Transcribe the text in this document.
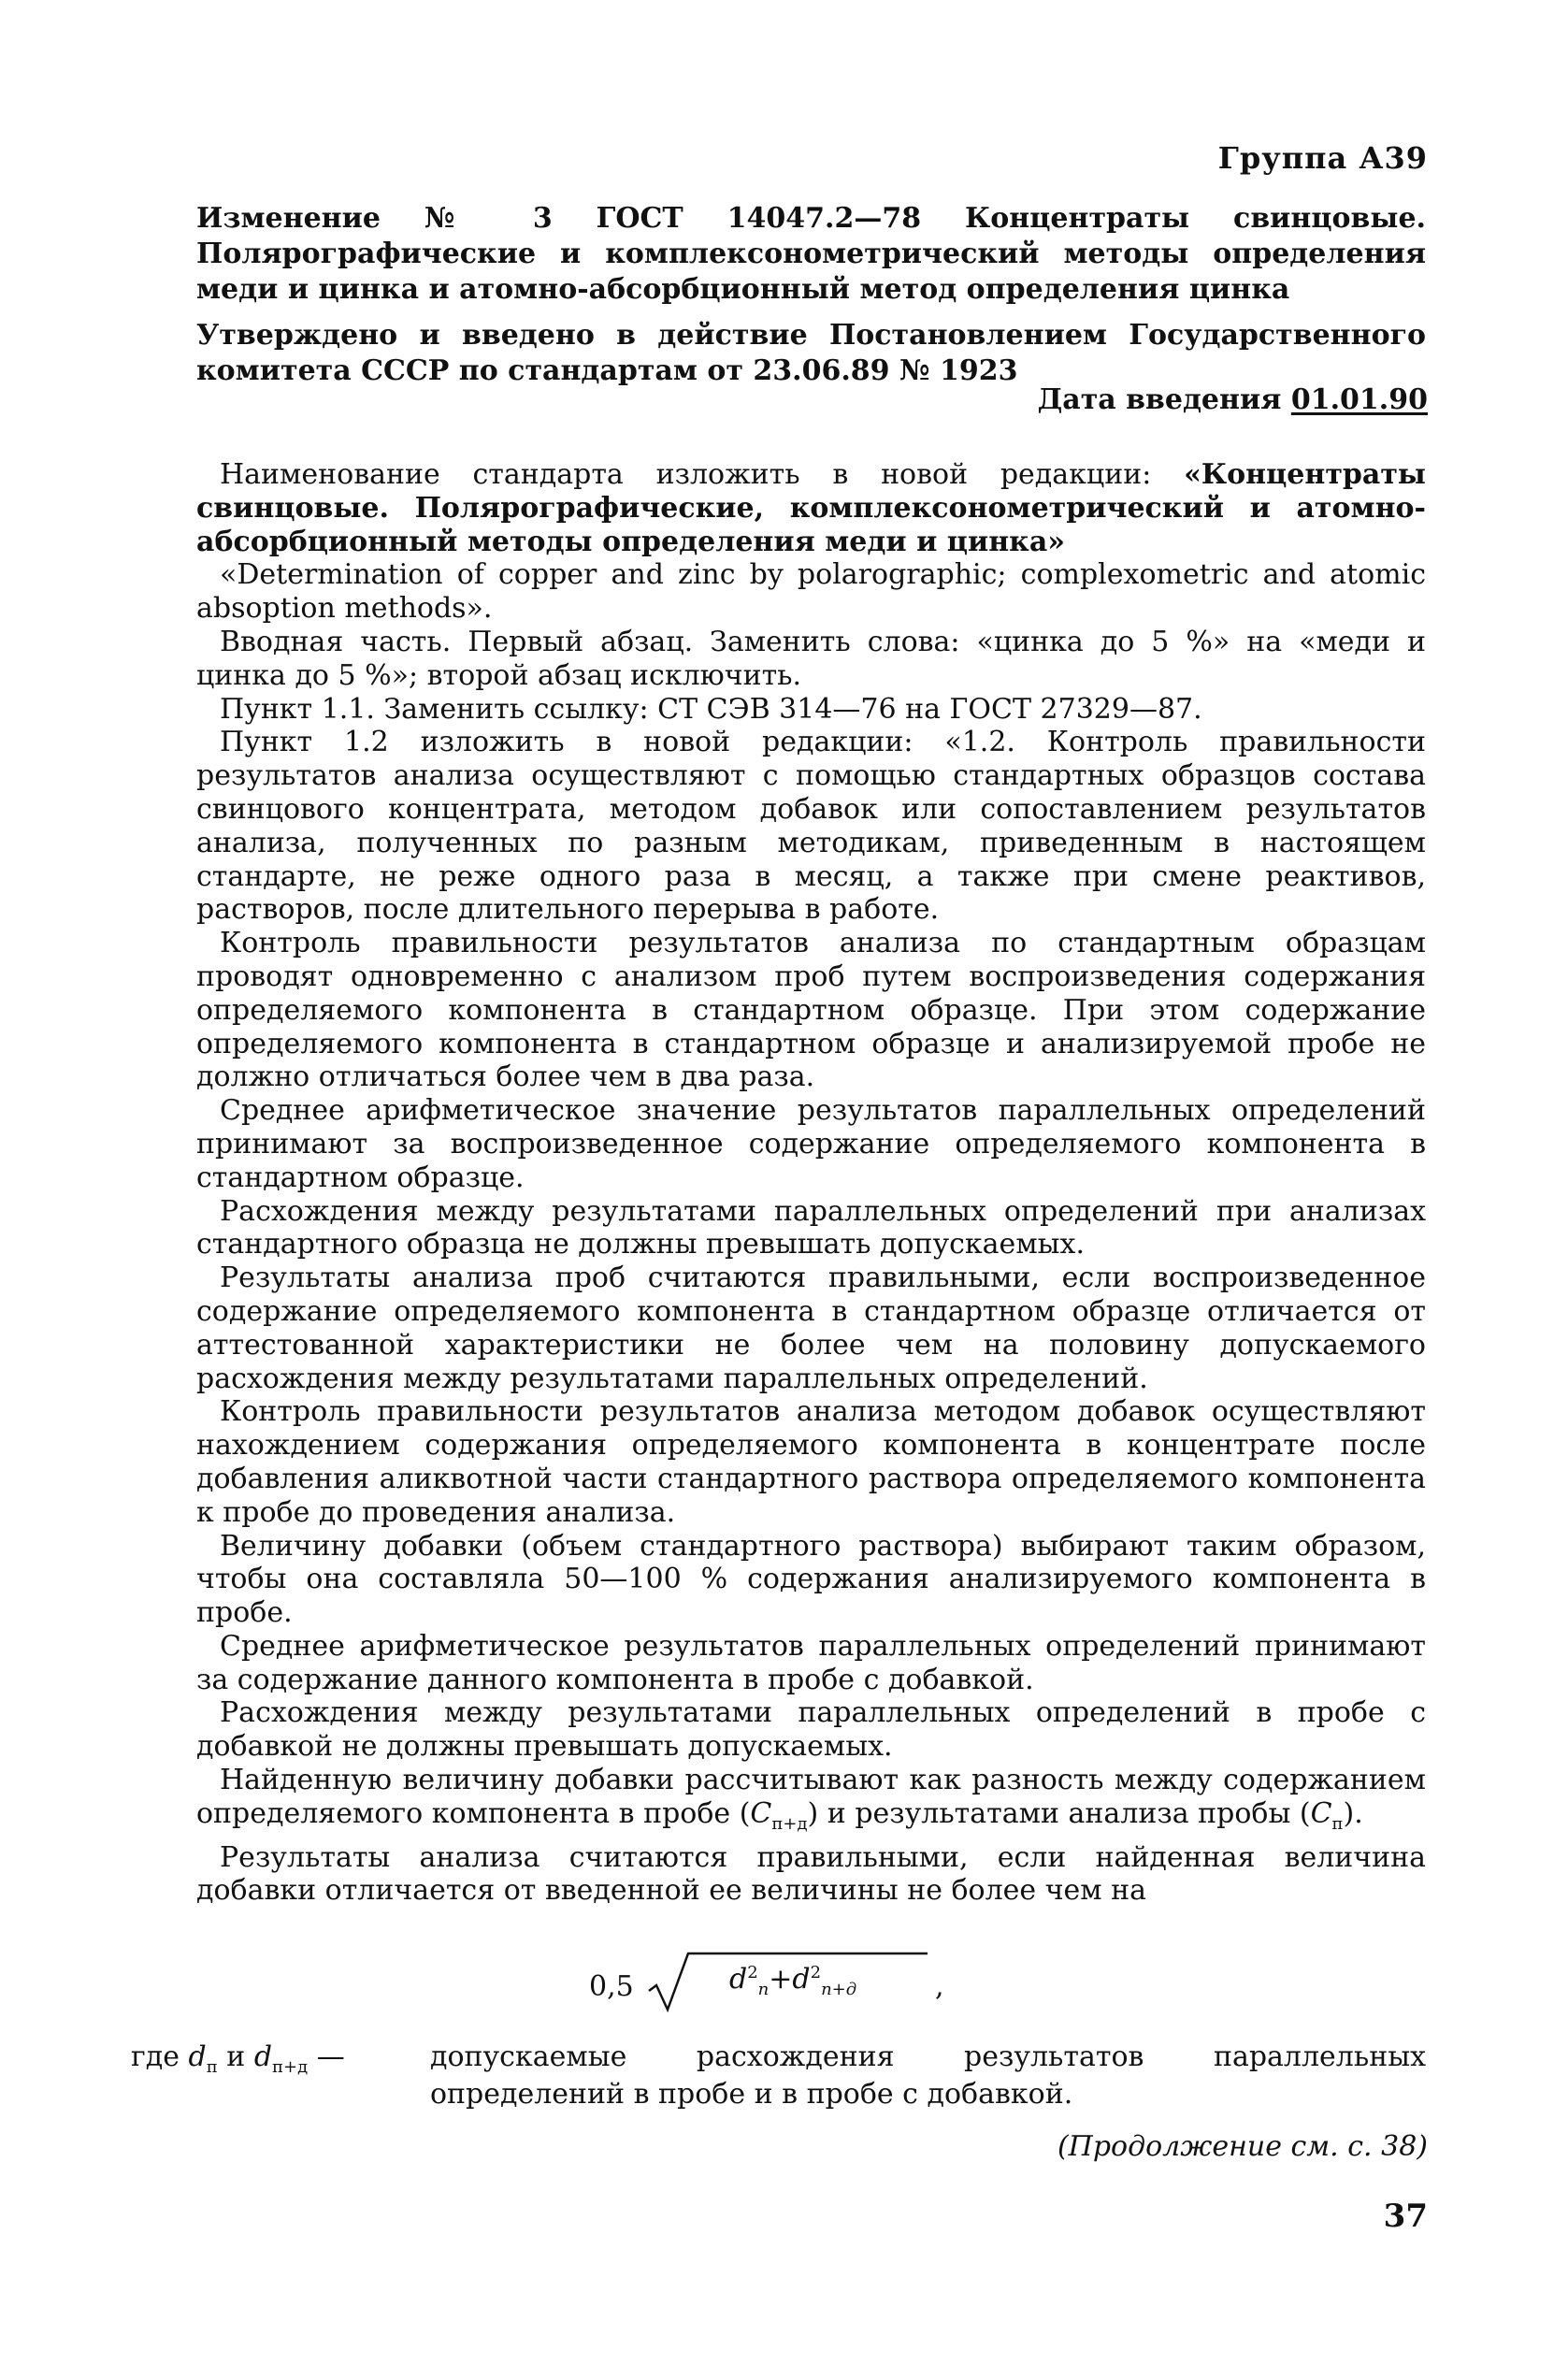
Группа А39
Изменение № 3 ГОСТ 14047.2—78 Концентраты свинцовые. Полярографические и комплексонометрический методы определения меди и цинка и атомно-абсорбционный метод определения цинка
Утверждено и введено в действие Постановлением Государственного комитета СССР по стандартам от 23.06.89 № 1923
Дата введения 01.01.90

Наименование стандарта изложить в новой редакции: «Концентраты свинцовые. Полярографические, комплексонометрический и атомно-абсорбционный методы определения меди и цинка»

«Determination of copper and zinc by polarographic; complexometric and atomic absoption methods».

Вводная часть. Первый абзац. Заменить слова: «цинка до 5 %» на «меди и цинка до 5 %»; второй абзац исключить.

Пункт 1.1. Заменить ссылку: СТ СЭВ 314—76 на ГОСТ 27329—87.

Пункт 1.2 изложить в новой редакции: «1.2. Контроль правильности результатов анализа осуществляют с помощью стандартных образцов состава свинцового концентрата, методом добавок или сопоставлением результатов анализа, полученных по разным методикам, приведенным в настоящем стандарте, не реже одного раза в месяц, а также при смене реактивов, растворов, после длительного перерыва в работе.

Контроль правильности результатов анализа по стандартным образцам проводят одновременно с анализом проб путем воспроизведения содержания определяемого компонента в стандартном образце. При этом содержание определяемого компонента в стандартном образце и анализируемой пробе не должно отличаться более чем в два раза.

Среднее арифметическое значение результатов параллельных определений принимают за воспроизведенное содержание определяемого компонента в стандартном образце.

Расхождения между результатами параллельных определений при анализах стандартного образца не должны превышать допускаемых.

Результаты анализа проб считаются правильными, если воспроизведенное содержание определяемого компонента в стандартном образце отличается от аттестованной характеристики не более чем на половину допускаемого расхождения между результатами параллельных определений.

Контроль правильности результатов анализа методом добавок осуществляют нахождением содержания определяемого компонента в концентрате после добавления аликвотной части стандартного раствора определяемого компонента к пробе до проведения анализа.

Величину добавки (объем стандартного раствора) выбирают таким образом, чтобы она составляла 50—100 % содержания анализируемого компонента в пробе.

Среднее арифметическое результатов параллельных определений принимают за содержание данного компонента в пробе с добавкой.

Расхождения между результатами параллельных определений в пробе с добавкой не должны превышать допускаемых.

Найденную величину добавки рассчитывают как разность между содержанием определяемого компонента в пробе $(C_{п+д})$ и результатами анализа пробы $(C_п)$.

Результаты анализа считаются правильными, если найденная величина добавки отличается от введенной ее величины не более чем на

0,5	$d^2_п+d^2_{п+д}$	,
где $d_п$ и $d_{п+д}$ —	допускаемые расхождения результатов параллельных определений в пробе и в пробе с добавкой.
(Продолжение см. с. 38)
37
